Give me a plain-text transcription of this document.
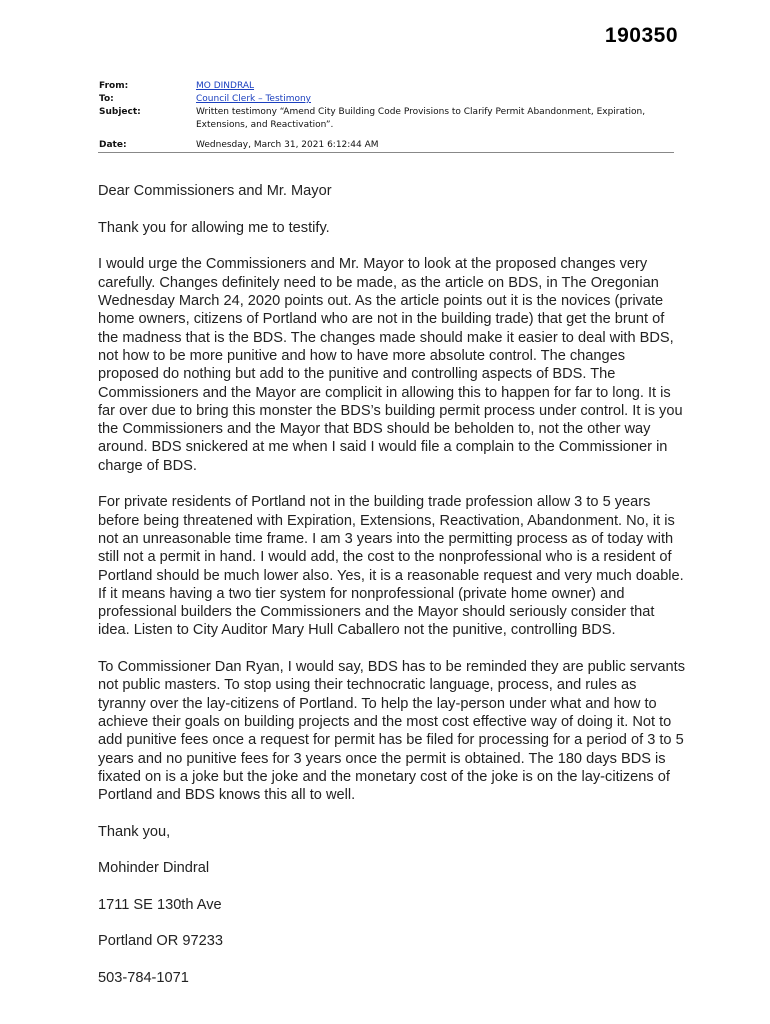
190350
From:	MO DINDRAL
To:	Council Clerk – Testimony
Subject:	Written testimony “Amend City Building Code Provisions to Clarify Permit Abandonment, Expiration, Extensions, and Reactivation”.
Date:	Wednesday, March 31, 2021 6:12:44 AM

Dear Commissioners and Mr. Mayor

Thank you for allowing me to testify.

I would urge the Commissioners and Mr. Mayor to look at the proposed changes very carefully. Changes definitely need to be made, as the article on BDS, in The Oregonian Wednesday March 24, 2020 points out. As the article points out it is the novices (private home owners, citizens of Portland who are not in the building trade) that get the brunt of the madness that is the BDS. The changes made should make it easier to deal with BDS, not how to be more punitive and how to have more absolute control. The changes proposed do nothing but add to the punitive and controlling aspects of BDS. The Commissioners and the Mayor are complicit in allowing this to happen for far to long. It is far over due to bring this monster the BDS’s building permit process under control. It is you the Commissioners and the Mayor that BDS should be beholden to, not the other way around. BDS snickered at me when I said I would file a complain to the Commissioner in charge of BDS.

For private residents of Portland not in the building trade profession allow 3 to 5 years before being threatened with Expiration, Extensions, Reactivation, Abandonment. No, it is not an unreasonable time frame. I am 3 years into the permitting process as of today with still not a permit in hand. I would add, the cost to the nonprofessional who is a resident of Portland should be much lower also. Yes, it is a reasonable request and very much doable. If it means having a two tier system for nonprofessional (private home owner) and professional builders the Commissioners and the Mayor should seriously consider that idea. Listen to City Auditor Mary Hull Caballero not the punitive, controlling BDS.

To Commissioner Dan Ryan, I would say, BDS has to be reminded they are public servants not public masters. To stop using their technocratic language, process, and rules as tyranny over the lay-citizens of Portland. To help the lay-person under what and how to achieve their goals on building projects and the most cost effective way of doing it. Not to add punitive fees once a request for permit has be filed for processing for a period of 3 to 5 years and no punitive fees for 3 years once the permit is obtained. The 180 days BDS is fixated on is a joke but the joke and the monetary cost of the joke is on the lay-citizens of Portland and BDS knows this all to well.

Thank you,

Mohinder Dindral

1711 SE 130th Ave

Portland OR 97233

503-784-1071
